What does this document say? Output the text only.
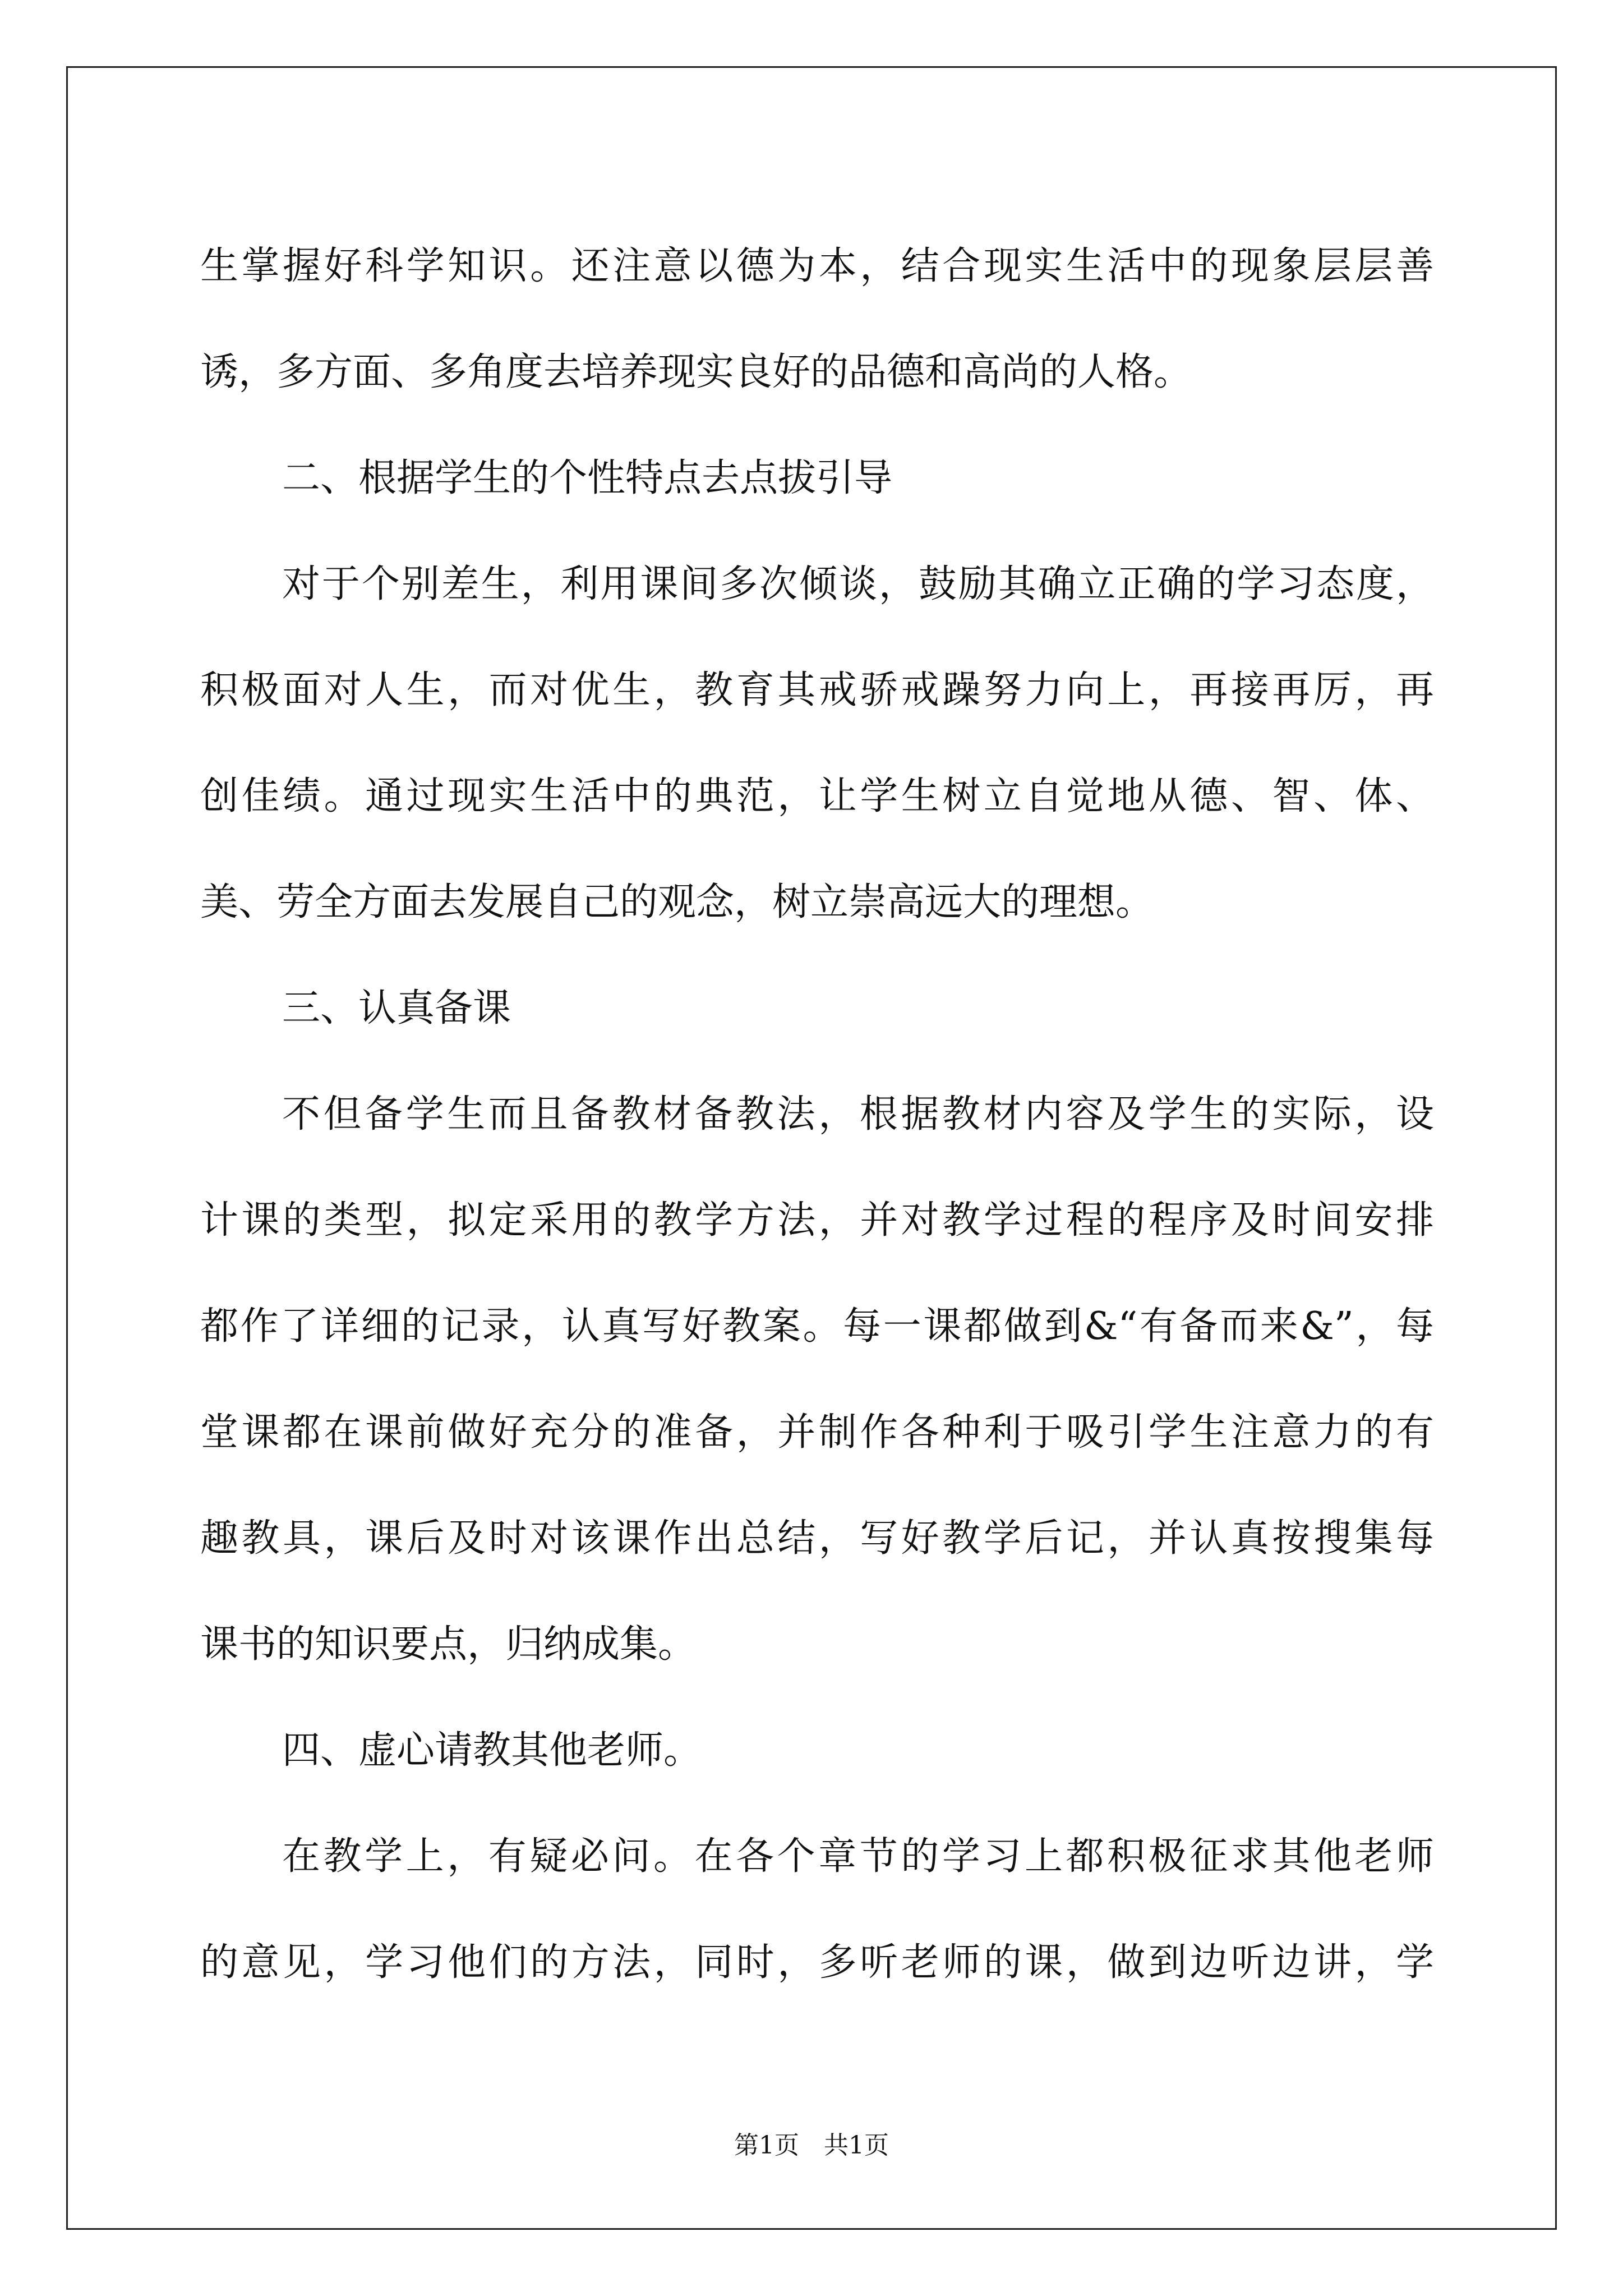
生掌握好科学知识。还注意以德为本，结合现实生活中的现象层层善
诱，多方面、多角度去培养现实良好的品德和高尚的人格。
二、根据学生的个性特点去点拔引导
对于个别差生，利用课间多次倾谈，鼓励其确立正确的学习态度，
积极面对人生，而对优生，教育其戒骄戒躁努力向上，再接再厉，再
创佳绩。通过现实生活中的典范，让学生树立自觉地从德、智、体、
美、劳全方面去发展自己的观念，树立崇高远大的理想。
三、认真备课
不但备学生而且备教材备教法，根据教材内容及学生的实际，设
计课的类型，拟定采用的教学方法，并对教学过程的程序及时间安排
都作了详细的记录，认真写好教案。每一课都做到&“有备而来&”，每
堂课都在课前做好充分的准备，并制作各种利于吸引学生注意力的有
趣教具，课后及时对该课作出总结，写好教学后记，并认真按搜集每
课书的知识要点，归纳成集。
四、虚心请教其他老师。
在教学上，有疑必问。在各个章节的学习上都积极征求其他老师
的意见，学习他们的方法，同时，多听老师的课，做到边听边讲，学
第1页　共1页
